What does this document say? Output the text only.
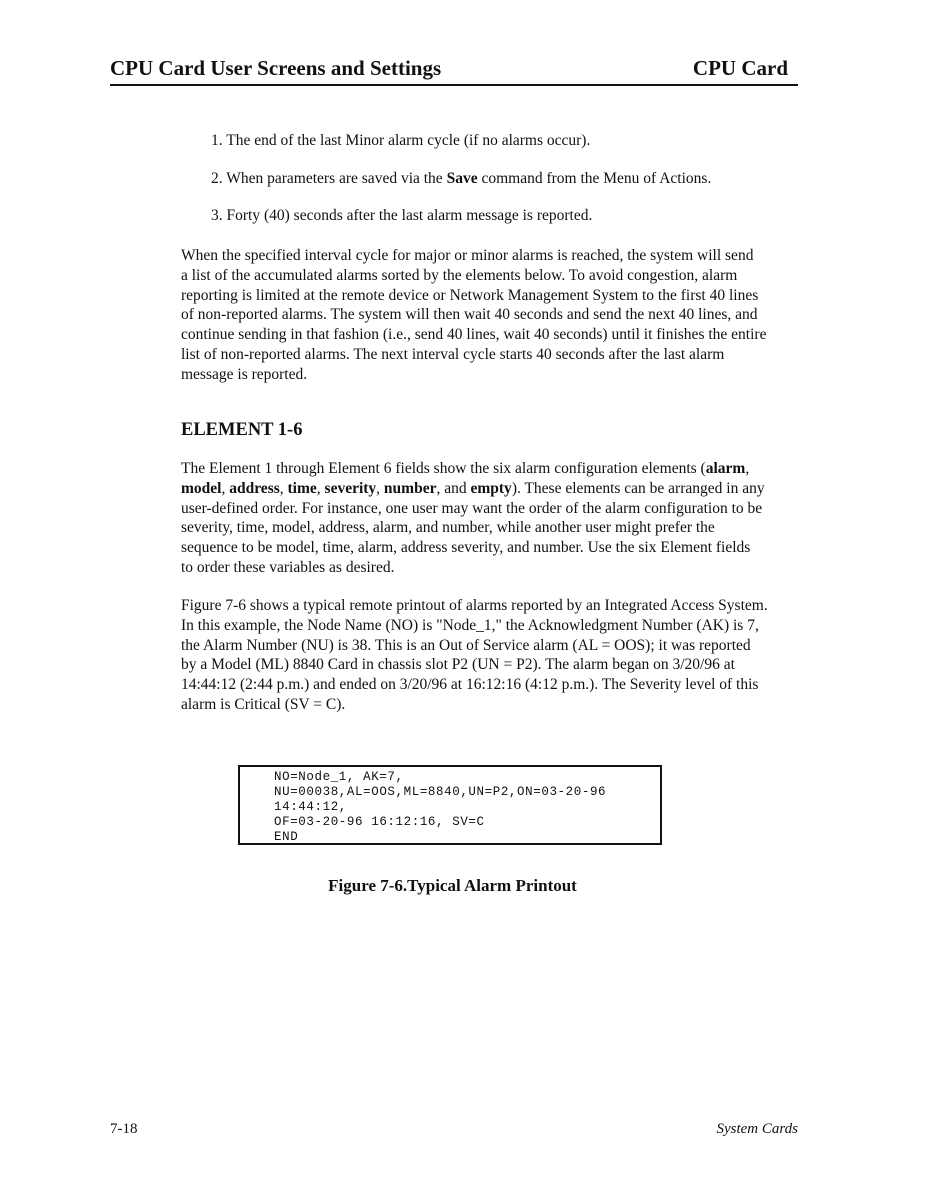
CPU Card User Screens and Settings	CPU Card
1. The end of the last Minor alarm cycle (if no alarms occur).
2. When parameters are saved via the Save command from the Menu of Actions.
3. Forty (40) seconds after the last alarm message is reported.
When the specified interval cycle for major or minor alarms is reached, the system will send
a list of the accumulated alarms sorted by the elements below. To avoid congestion, alarm
reporting is limited at the remote device or Network Management System to the first 40 lines
of non-reported alarms. The system will then wait 40 seconds and send the next 40 lines, and
continue sending in that fashion (i.e., send 40 lines, wait 40 seconds) until it finishes the entire
list of non-reported alarms. The next interval cycle starts 40 seconds after the last alarm
message is reported.
ELEMENT 1-6
The Element 1 through Element 6 fields show the six alarm configuration elements (alarm,
model, address, time, severity, number, and empty). These elements can be arranged in any
user-defined order. For instance, one user may want the order of the alarm configuration to be
severity, time, model, address, alarm, and number, while another user might prefer the
sequence to be model, time, alarm, address severity, and number. Use the six Element fields
to order these variables as desired.
Figure 7-6 shows a typical remote printout of alarms reported by an Integrated Access System.
In this example, the Node Name (NO) is "Node_1," the Acknowledgment Number (AK) is 7,
the Alarm Number (NU) is 38. This is an Out of Service alarm (AL = OOS); it was reported
by a Model (ML) 8840 Card in chassis slot P2 (UN = P2). The alarm began on 3/20/96 at
14:44:12 (2:44 p.m.) and ended on 3/20/96 at 16:12:16 (4:12 p.m.). The Severity level of this
alarm is Critical (SV = C).
NO=Node_1, AK=7,
NU=00038,AL=OOS,ML=8840,UN=P2,ON=03-20-96
14:44:12,
OF=03-20-96 16:12:16, SV=C
END
Figure 7-6.Typical Alarm Printout
7-18	System Cards
